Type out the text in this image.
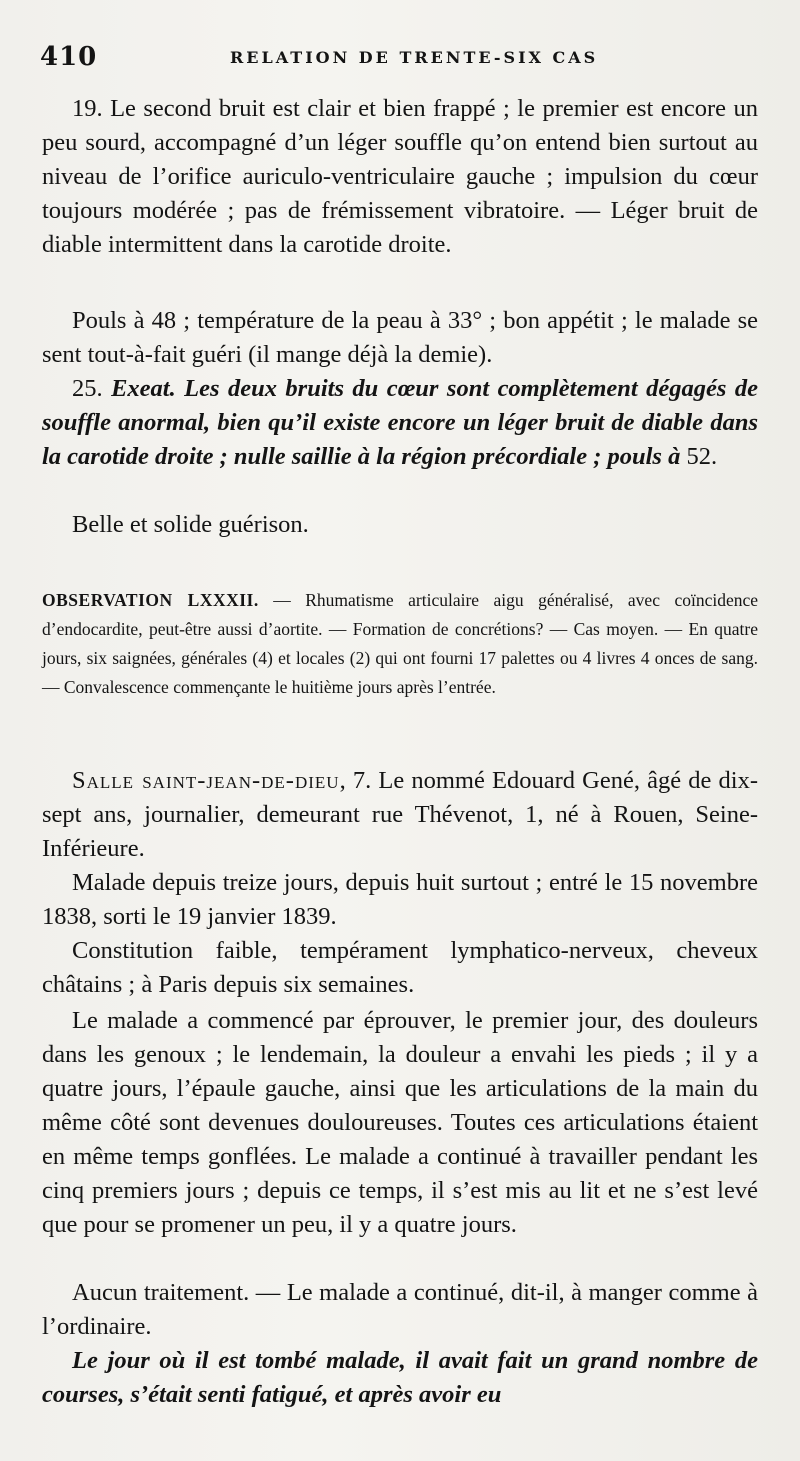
410	RELATION DE TRENTE-SIX CAS

19. Le second bruit est clair et bien frappé ; le premier est encore un peu sourd, accompagné d’un léger souffle qu’on entend bien surtout au niveau de l’orifice auriculo-ventriculaire gauche ; impulsion du cœur toujours modérée ; pas de frémissement vibratoire. — Léger bruit de diable intermittent dans la carotide droite.

Pouls à 48 ; température de la peau à 33° ; bon appétit ; le malade se sent tout-à-fait guéri (il mange déjà la demie).

25. Exeat. Les deux bruits du cœur sont complètement dégagés de souffle anormal, bien qu’il existe encore un léger bruit de diable dans la carotide droite ; nulle saillie à la région précordiale ; pouls à 52.

Belle et solide guérison.

OBSERVATION LXXXII. — Rhumatisme articulaire aigu généralisé, avec coïncidence d’endocardite, peut-être aussi d’aortite. — Formation de concrétions? — Cas moyen. — En quatre jours, six saignées, générales (4) et locales (2) qui ont fourni 17 palettes ou 4 livres 4 onces de sang. — Convalescence commençante le huitième jours après l’entrée.

Salle saint-jean-de-dieu, 7. Le nommé Edouard Gené, âgé de dix-sept ans, journalier, demeurant rue Thévenot, 1, né à Rouen, Seine-Inférieure.

Malade depuis treize jours, depuis huit surtout ; entré le 15 novembre 1838, sorti le 19 janvier 1839.

Constitution faible, tempérament lymphatico-nerveux, cheveux châtains ; à Paris depuis six semaines.

Le malade a commencé par éprouver, le premier jour, des douleurs dans les genoux ; le lendemain, la douleur a envahi les pieds ; il y a quatre jours, l’épaule gauche, ainsi que les articulations de la main du même côté sont devenues douloureuses. Toutes ces articulations étaient en même temps gonflées. Le malade a continué à travailler pendant les cinq premiers jours ; depuis ce temps, il s’est mis au lit et ne s’est levé que pour se promener un peu, il y a quatre jours.

Aucun traitement. — Le malade a continué, dit-il, à manger comme à l’ordinaire.

Le jour où il est tombé malade, il avait fait un grand nombre de courses, s’était senti fatigué, et après avoir eu
